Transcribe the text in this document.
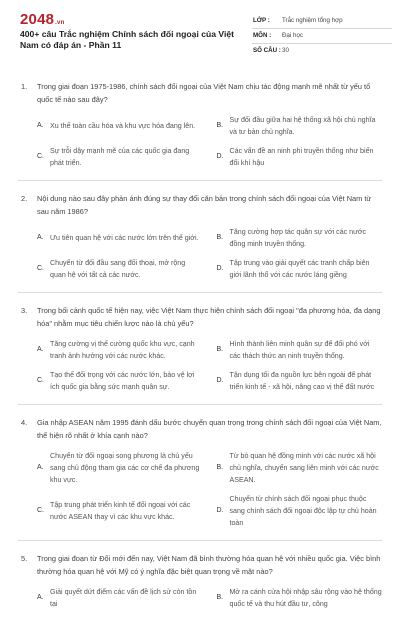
2048.vn
400+ câu Trắc nghiệm Chính sách đối ngoại của Việt Nam có đáp án - Phần 11
LỚP : Trắc nghiệm tổng hợp
MÔN : Đại học
SỐ CÂU : 30
1. Trong giai đoạn 1975-1986, chính sách đối ngoại của Việt Nam chịu tác động mạnh mẽ nhất từ yếu tố quốc tế nào sau đây?
A. Xu thế toàn cầu hóa và khu vực hóa đang lên.	B.
Sự đối đầu giữa hai hệ thống xã hội chủ nghĩa và tư bản chủ nghĩa.
C.
Sự trỗi dậy mạnh mẽ của các quốc gia đang phát triển.
D.
Các vấn đề an ninh phi truyền thống như biến đổi khí hậu
2. Nội dung nào sau đây phản ánh đúng sự thay đổi căn bản trong chính sách đối ngoại của Việt Nam từ sau năm 1986?
A. Ưu tiên quan hệ với các nước lớn trên thế giới.	B.
Tăng cường hợp tác quân sự với các nước đồng minh truyền thống.
C.
Chuyển từ đối đầu sang đối thoại, mở rộng quan hệ với tất cả các nước.
D.
Tập trung vào giải quyết các tranh chấp biên giới lãnh thổ với các nước láng giềng
3. Trong bối cảnh quốc tế hiện nay, việc Việt Nam thực hiện chính sách đối ngoại "đa phương hóa, đa dạng hóa" nhằm mục tiêu chiến lược nào là chủ yếu?
A.
Tăng cường vị thế cường quốc khu vực, cạnh tranh ảnh hưởng với các nước khác.
B.
Hình thành liên minh quân sự để đối phó với các thách thức an ninh truyền thống.
C.
Tạo thế đối trọng với các nước lớn, bảo vệ lợi ích quốc gia bằng sức mạnh quân sự.
D.
Tận dụng tối đa nguồn lực bên ngoài để phát triển kinh tế - xã hội, nâng cao vị thế đất nước
4. Gia nhập ASEAN năm 1995 đánh dấu bước chuyển quan trọng trong chính sách đối ngoại của Việt Nam, thể hiện rõ nhất ở khía cạnh nào?
A.
Chuyển từ đối ngoại song phương là chủ yếu sang chủ động tham gia các cơ chế đa phương khu vực.
B.
Từ bỏ quan hệ đồng minh với các nước xã hội chủ nghĩa, chuyển sang liên minh với các nước ASEAN.
C.
Tập trung phát triển kinh tế đối ngoại với các nước ASEAN thay vì các khu vực khác.
D.
Chuyển từ chính sách đối ngoại phục thuộc sang chính sách đối ngoại độc lập tự chủ hoàn toàn
5. Trong giai đoạn từ Đổi mới đến nay, Việt Nam đã bình thường hóa quan hệ với nhiều quốc gia. Việc bình thường hóa quan hệ với Mỹ có ý nghĩa đặc biệt quan trọng về mặt nào?
A.
Giải quyết dứt điểm các vấn đề lịch sử còn tồn tại
B.
Mở ra cánh cửa hội nhập sâu rộng vào hệ thống quốc tế và thu hút đầu tư, công
